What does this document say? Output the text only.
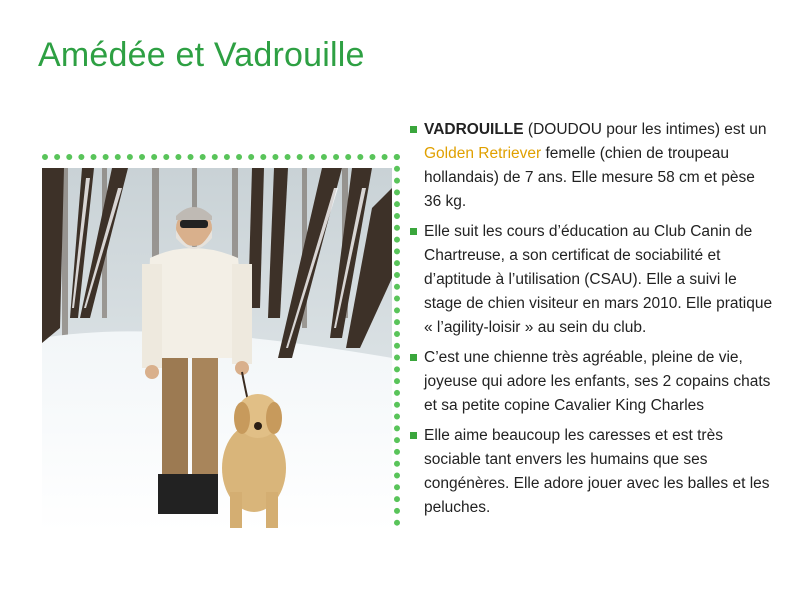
Amédée et Vadrouille

VADROUILLE (DOUDOU pour les intimes) est un Golden Retriever femelle (chien de troupeau hollandais) de 7 ans. Elle mesure 58 cm et pèse 36 kg.

Elle suit les cours d’éducation au Club Canin de Chartreuse, a son certificat de sociabilité et d’aptitude à l’utilisation (CSAU). Elle a suivi le stage de chien visiteur en mars 2010. Elle pratique « l’agility-loisir » au sein du club.

C’est une chienne très agréable, pleine de vie, joyeuse qui adore les enfants, ses 2 copains chats et sa petite copine Cavalier King Charles

Elle aime beaucoup les caresses et est très sociable tant envers les humains que ses congénères. Elle adore jouer avec les balles et les peluches.
